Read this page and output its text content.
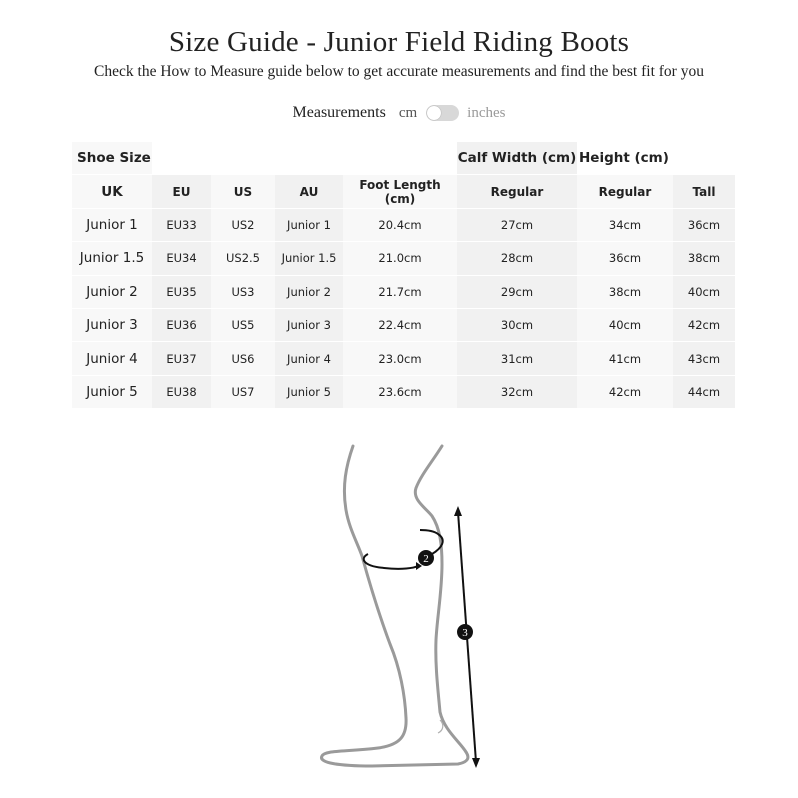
Size Guide - Junior Field Riding Boots
Check the How to Measure guide below to get accurate measurements and find the best fit for you
Measurements cm	inches
Shoe Size					Calf Width (cm)	Height (cm)	
UK	EU	US	AU	Foot Length (cm)	Regular	Regular	Tall
Junior 1	EU33	US2	Junior 1	20.4cm	27cm	34cm	36cm
Junior 1.5	EU34	US2.5	Junior 1.5	21.0cm	28cm	36cm	38cm
Junior 2	EU35	US3	Junior 2	21.7cm	29cm	38cm	40cm
Junior 3	EU36	US5	Junior 3	22.4cm	30cm	40cm	42cm
Junior 4	EU37	US6	Junior 4	23.0cm	31cm	41cm	43cm
Junior 5	EU38	US7	Junior 5	23.6cm	32cm	42cm	44cm
2
3
